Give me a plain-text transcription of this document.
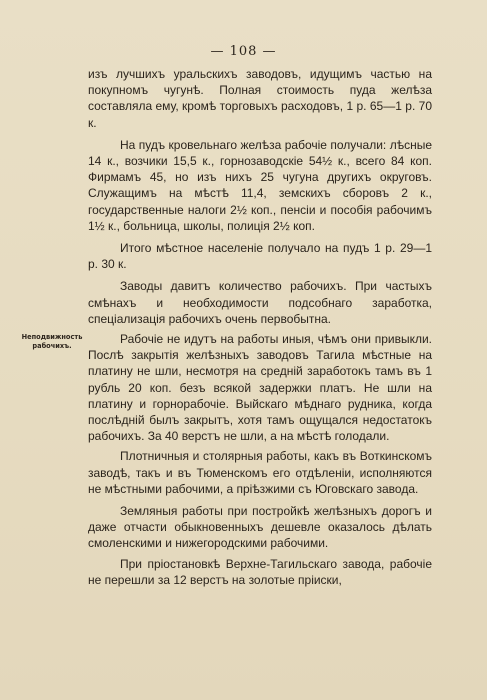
— 108 —
Неподвижность рабочихъ.

изъ лучшихъ уральскихъ заводовъ, идущимъ частью на покупномъ чугунѣ. Полная стоимость пуда желѣза составляла ему, кромѣ торговыхъ расходовъ, 1 р. 65—1 р. 70 к.

На пудъ кровельнаго желѣза рабочіе получали: лѣсные 14 к., возчики 15,5 к., горнозаводскіе 54½ к., всего 84 коп. Фирмамъ 45, но изъ нихъ 25 чугуна другихъ округовъ. Служащимъ на мѣстѣ 11,4, земскихъ сборовъ 2 к., государственные налоги 2½ коп., пенсіи и пособія рабочимъ 1½ к., больница, школы, полиція 2½ коп.

Итого мѣстное населеніе получало на пудъ 1 р. 29—1 р. 30 к.

Заводы давитъ количество рабочихъ. При частыхъ смѣнахъ и необходимости подсобнаго заработка, спеціализація рабочихъ очень первобытна.

Рабочіе не идутъ на работы иныя, чѣмъ они привыкли. Послѣ закрытія желѣзныхъ заводовъ Тагила мѣстные на платину не шли, несмотря на средній заработокъ тамъ въ 1 рубль 20 коп. безъ всякой задержки платъ. Не шли на платину и горнорабочіе. Выйскаго мѣднаго рудника, когда послѣдній былъ закрытъ, хотя тамъ ощущался недостатокъ рабочихъ. За 40 верстъ не шли, а на мѣстѣ голодали.

Плотничныя и столярныя работы, какъ въ Воткинскомъ заводѣ, такъ и въ Тюменскомъ его отдѣленіи, исполняются не мѣстными рабочими, а пріѣзжими съ Юговскаго завода.

Земляныя работы при постройкѣ желѣзныхъ дорогъ и даже отчасти обыкновенныхъ дешевле оказалось дѣлать смоленскими и нижегородскими рабочими.

При пріостановкѣ Верхне-Тагильскаго завода, рабочіе не перешли за 12 верстъ на золотые пріиски,
